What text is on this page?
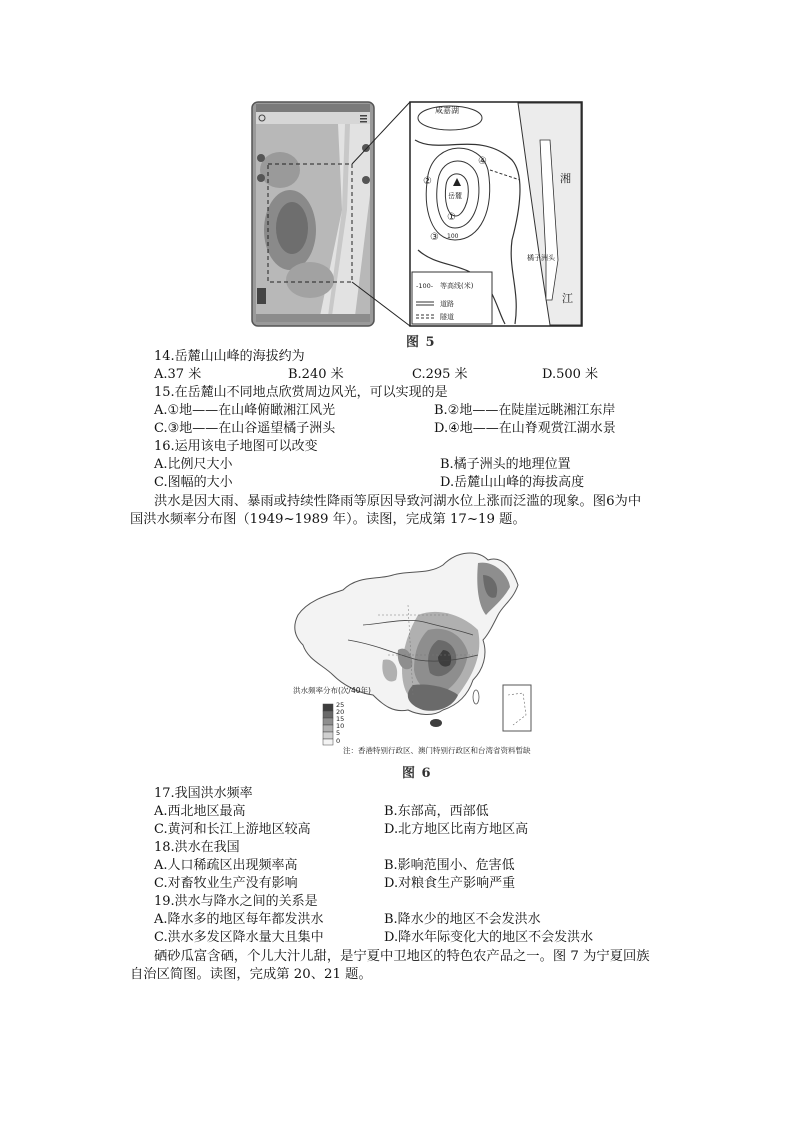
咸嘉湖
湘
江
橘子洲头
岳麓
100
①
②
③
④
-100- 等高线(米)
道路
隧道
图 5
14.岳麓山山峰的海拔约为
A.37 米	B.240 米	C.295 米	D.500 米
15.在岳麓山不同地点欣赏周边风光，可以实现的是
A.①地——在山峰俯瞰湘江风光	B.②地——在陡崖远眺湘江东岸
C.③地——在山谷遥望橘子洲头	D.④地——在山脊观赏江湖水景
16.运用该电子地图可以改变
A.比例尺大小	B.橘子洲头的地理位置
C.图幅的大小	D.岳麓山山峰的海拔高度
洪水是因大雨、暴雨或持续性降雨等原因导致河湖水位上涨而泛滥的现象。图6为中
国洪水频率分布图（1949~1989 年）。读图，完成第 17~19 题。
洪水频率分布(次/40年)
25
20
15
10
5
0
注：香港特别行政区、澳门特别行政区和台湾省资料暂缺
图 6
17.我国洪水频率
A.西北地区最高	B.东部高，西部低
C.黄河和长江上游地区较高	D.北方地区比南方地区高
18.洪水在我国
A.人口稀疏区出现频率高	B.影响范围小、危害低
C.对畜牧业生产没有影响	D.对粮食生产影响严重
19.洪水与降水之间的关系是
A.降水多的地区每年都发洪水	B.降水少的地区不会发洪水
C.洪水多发区降水量大且集中	D.降水年际变化大的地区不会发洪水
硒砂瓜富含硒，个儿大汁儿甜，是宁夏中卫地区的特色农产品之一。图 7 为宁夏回族
自治区简图。读图，完成第 20、21 题。
